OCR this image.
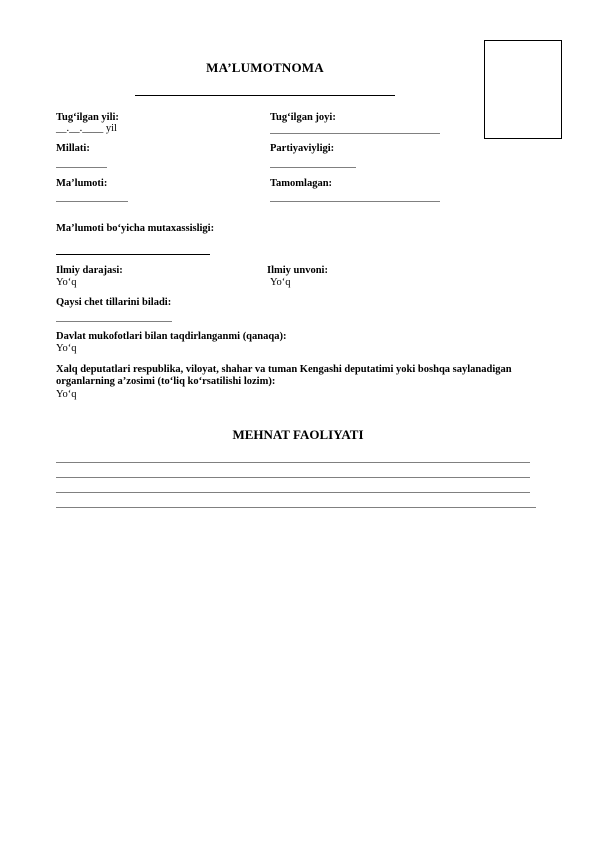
MA’LUMOTNOMA
Tug‘ilgan yili:
__.__.____ yil
Tug‘ilgan joyi:
Millati:	Partiyaviyligi:
Ma’lumoti:	Tamomlagan:
Ma’lumoti bo‘yicha mutaxassisligi:
Ilmiy darajasi:
Yo‘q
Ilmiy unvoni:
Yo‘q
Qaysi chet tillarini biladi:
Davlat mukofotlari bilan taqdirlanganmi (qanaqa):
Yo‘q
Xalq deputatlari respublika, viloyat, shahar va tuman Kengashi deputatimi yoki boshqa saylanadigan organlarning a’zosimi (to‘liq ko‘rsatilishi lozim):
Yo‘q
MEHNAT FAOLIYATI
